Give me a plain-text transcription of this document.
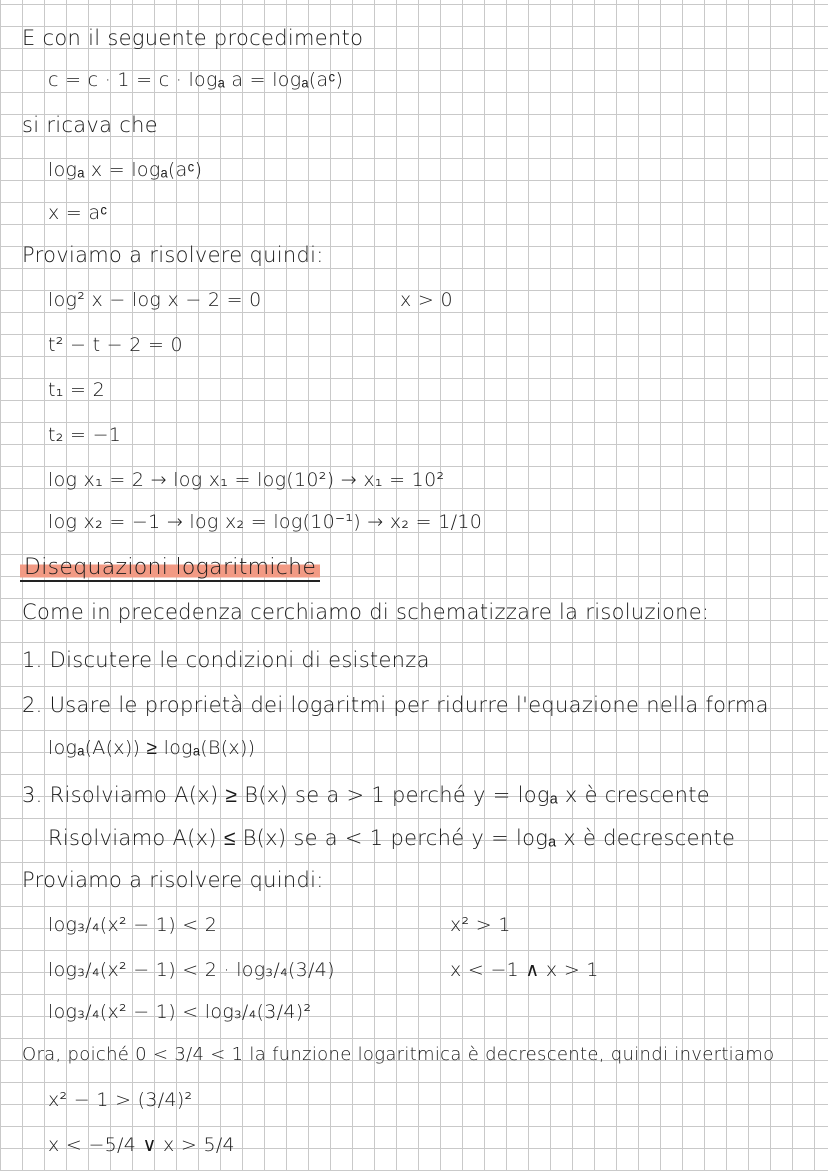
E con il seguente procedimento
c = c · 1 = c · logₐ a = logₐ(aᶜ)
si ricava che
logₐ x = logₐ(aᶜ)
x = aᶜ
Proviamo a risolvere quindi:
log² x − log x − 2 = 0	x > 0
t² − t − 2 = 0
t₁ = 2
t₂ = −1
log x₁ = 2 → log x₁ = log(10²) → x₁ = 10²
log x₂ = −1 → log x₂ = log(10⁻¹) → x₂ = 1/10
Disequazioni logaritmiche
Come in precedenza cerchiamo di schematizzare la risoluzione:
1. Discutere le condizioni di esistenza
2. Usare le proprietà dei logaritmi per ridurre l'equazione nella forma
logₐ(A(x)) ≥ logₐ(B(x))
3. Risolviamo A(x) ≥ B(x) se a > 1 perché y = logₐ x è crescente
Risolviamo A(x) ≤ B(x) se a < 1 perché y = logₐ x è decrescente
Proviamo a risolvere quindi:
log₃/₄(x² − 1) < 2	x² > 1
log₃/₄(x² − 1) < 2 · log₃/₄(3/4)	x < −1 ∧ x > 1
log₃/₄(x² − 1) < log₃/₄(3/4)²
Ora, poiché 0 < 3/4 < 1 la funzione logaritmica è decrescente, quindi invertiamo
x² − 1 > (3/4)²
x < −5/4 ∨ x > 5/4
